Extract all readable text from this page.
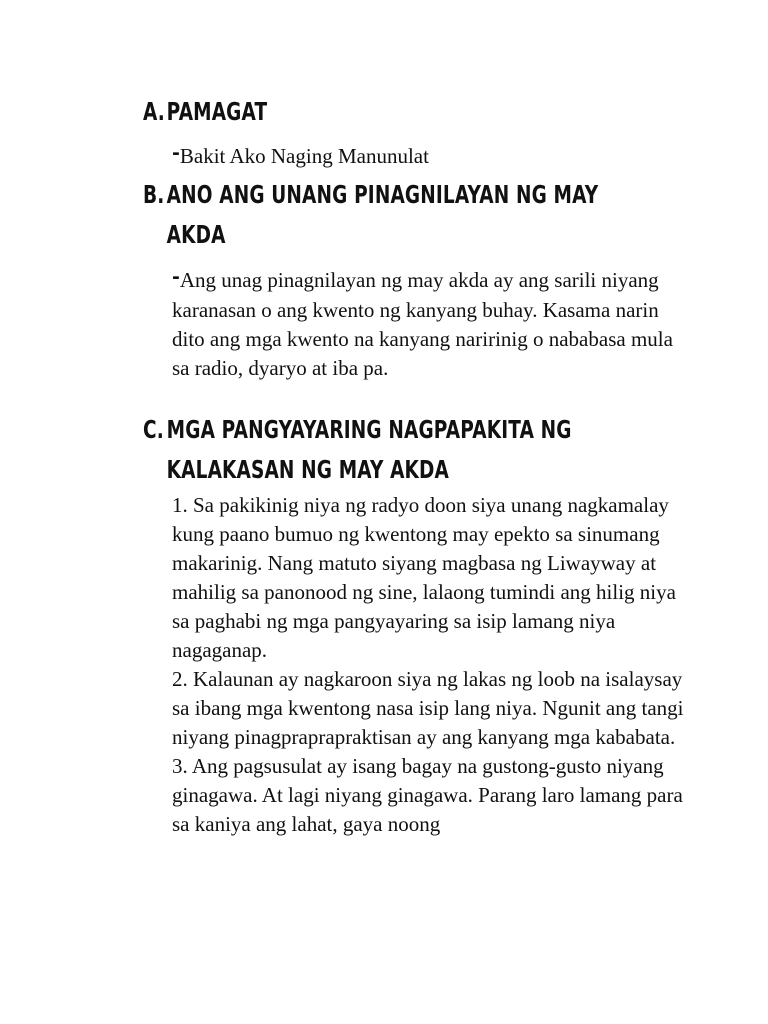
A.PAMAGAT

-Bakit Ako Naging Manunulat

B.ANO ANG UNANG PINAGNILAYAN NG MAY
AKDA

-Ang unag pinagnilayan ng may akda ay ang sarili niyang karanasan o ang kwento ng kanyang buhay. Kasama narin dito ang mga kwento na kanyang naririnig o nababasa mula sa radio, dyaryo at iba pa.

C. MGA PANGYAYARING NAGPAPAKITA NG
KALAKASAN NG MAY AKDA

1. Sa pakikinig niya ng radyo doon siya unang nagkamalay kung paano bumuo ng kwentong may epekto sa sinumang makarinig. Nang matuto siyang magbasa ng Liwayway at mahilig sa panonood ng sine, lalaong tumindi ang hilig niya sa paghabi ng mga pangyayaring sa isip lamang niya nagaganap.

2. Kalaunan ay nagkaroon siya ng lakas ng loob na isalaysay sa ibang mga kwentong nasa isip lang niya. Ngunit ang tangi niyang pinagpraprapraktisan ay ang kanyang mga kababata.

3. Ang pagsusulat ay isang bagay na gustong-gusto niyang ginagawa. At lagi niyang ginagawa. Parang laro lamang para sa kaniya ang lahat, gaya noong
